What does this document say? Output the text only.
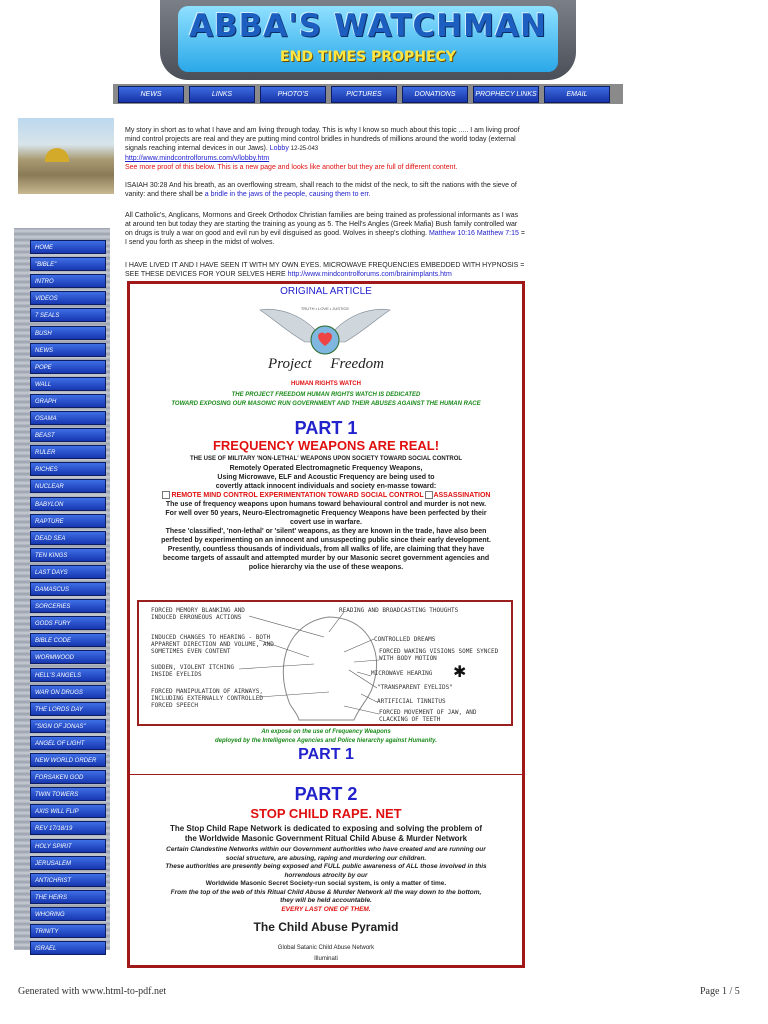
ABBA'S WATCHMAN
END TIMES PROPHECY
NEWS	LINKS	PHOTO'S	PICTURES	DONATIONS	PROPHECY LINKS	EMAIL
HOME
"BIBLE"
INTRO
VIDEOS
7 SEALS
BUSH
NEWS
POPE
WALL
GRAPH
OSAMA
BEAST
RULER
RICHES
NUCLEAR
BABYLON
RAPTURE
DEAD SEA
TEN KINGS
LAST DAYS
DAMASCUS
SORCERIES
GODS FURY
BIBLE CODE
WORMWOOD
HELL'S ANGELS
WAR ON DRUGS
THE LORDS DAY
"SIGN OF JONAS"
ANGEL OF LIGHT
NEW WORLD ORDER
FORSAKEN GOD
TWIN TOWERS
AXIS WILL FLIP
REV 17/18/19
HOLY SPIRIT
JERUSALEM
ANTICHRIST
THE HEIRS
WHORING
TRINITY
ISRAEL
My story in short as to what I have and am living through today. This is why I know so much about this topic ..... I am living proof mind control projects are real and they are putting mind control bridles in hundreds of millions around the world today (external signals reaching internal devices in our Jaws). Lobby 12-25-043
http://www.mindcontrolforums.com/v/lobby.htm
See more proof of this below. This is a new page and looks like another but they are full of different content.
ISAIAH 30:28 And his breath, as an overflowing stream, shall reach to the midst of the neck, to sift the nations with the sieve of vanity: and there shall be a bridle in the jaws of the people, causing them to err.
All Catholic's, Anglicans, Mormons and Greek Orthodox Christian families are being trained as professional informants as I was at around ten but today they are starting the training as young as 5. The Hell's Angles (Greek Mafia) Bush family controlled war on drugs is truly a war on good and evil run by evil disguised as good. Wolves in sheep's clothing. Matthew 10:16 Matthew 7:15 = I send you forth as sheep in the midst of wolves.
I HAVE LIVED IT AND I HAVE SEEN IT WITH MY OWN EYES. MICROWAVE FREQUENCIES EMBEDDED WITH HYPNOSIS = SEE THESE DEVICES FOR YOUR SELVES HERE http://www.mindcontrolforums.com/brainimplants.htm
ORIGINAL ARTICLE
TRUTH • LOVE • JUSTICE
Project     Freedom
HUMAN RIGHTS WATCH
THE PROJECT FREEDOM HUMAN RIGHTS WATCH IS DEDICATED
TOWARD EXPOSING OUR MASONIC RUN GOVERNMENT AND THEIR ABUSES AGAINST THE HUMAN RACE
PART 1
FREQUENCY WEAPONS ARE REAL!
THE USE OF MILITARY 'NON-LETHAL' WEAPONS UPON SOCIETY TOWARD SOCIAL CONTROL
Remotely Operated Electromagnetic Frequency Weapons,
Using Microwave, ELF and Acoustic Frequency are being used to
covertly attack innocent individuals and society en-masse toward:
REMOTE MIND CONTROL EXPERIMENTATION TOWARD SOCIAL CONTROL ASSASSINATION
The use of frequency weapons upon humans toward behavioural control and murder is not new.
For well over 50 years, Neuro-Electromagnetic Frequency Weapons have been perfected by their
covert use in warfare.
These 'classified', 'non-lethal' or 'silent' weapons, as they are known in the trade, have also been
perfected by experimenting on an innocent and unsuspecting public since their early development.
Presently, countless thousands of individuals, from all walks of life, are claiming that they have
become targets of assault and attempted murder by our Masonic secret government agencies and
police hierarchy via the use of these weapons.
FORCED MEMORY BLANKING AND INDUCED ERRONEOUS ACTIONS
INDUCED CHANGES TO HEARING - BOTH APPARENT DIRECTION AND VOLUME, AND SOMETIMES EVEN CONTENT
SUDDEN, VIOLENT ITCHING INSIDE EYELIDS
FORCED MANIPULATION OF AIRWAYS, INCLUDING EXTERNALLY CONTROLLED FORCED SPEECH
READING AND BROADCASTING THOUGHTS
CONTROLLED DREAMS
FORCED WAKING VISIONS SOME SYNCED WITH BODY MOTION
MICROWAVE HEARING	✱
"TRANSPARENT EYELIDS"
ARTIFICIAL TINNITUS
FORCED MOVEMENT OF JAW, AND CLACKING OF TEETH
An exposé on the use of Frequency Weapons
deployed by the Intelligence Agencies and Police hierarchy against Humanity.
PART 1
PART 2
STOP CHILD RAPE. NET
The Stop Child Rape Network is dedicated to exposing and solving the problem of
the Worldwide Masonic Government Ritual Child Abuse & Murder Network
Certain Clandestine Networks within our Government authorities who have created and are running our
social structure, are abusing, raping and murdering our children.
These authorities are presently being exposed and FULL public awareness of ALL those involved in this
horrendous atrocity by our
Worldwide Masonic Secret Society-run social system, is only a matter of time.
From the top of the web of this Ritual Child Abuse & Murder Network all the way down to the bottom,
they will be held accountable.
EVERY LAST ONE OF THEM.
The Child Abuse Pyramid
Global Satanic Child Abuse Network
Illuminati
Generated with www.html-to-pdf.net	Page 1 / 5
